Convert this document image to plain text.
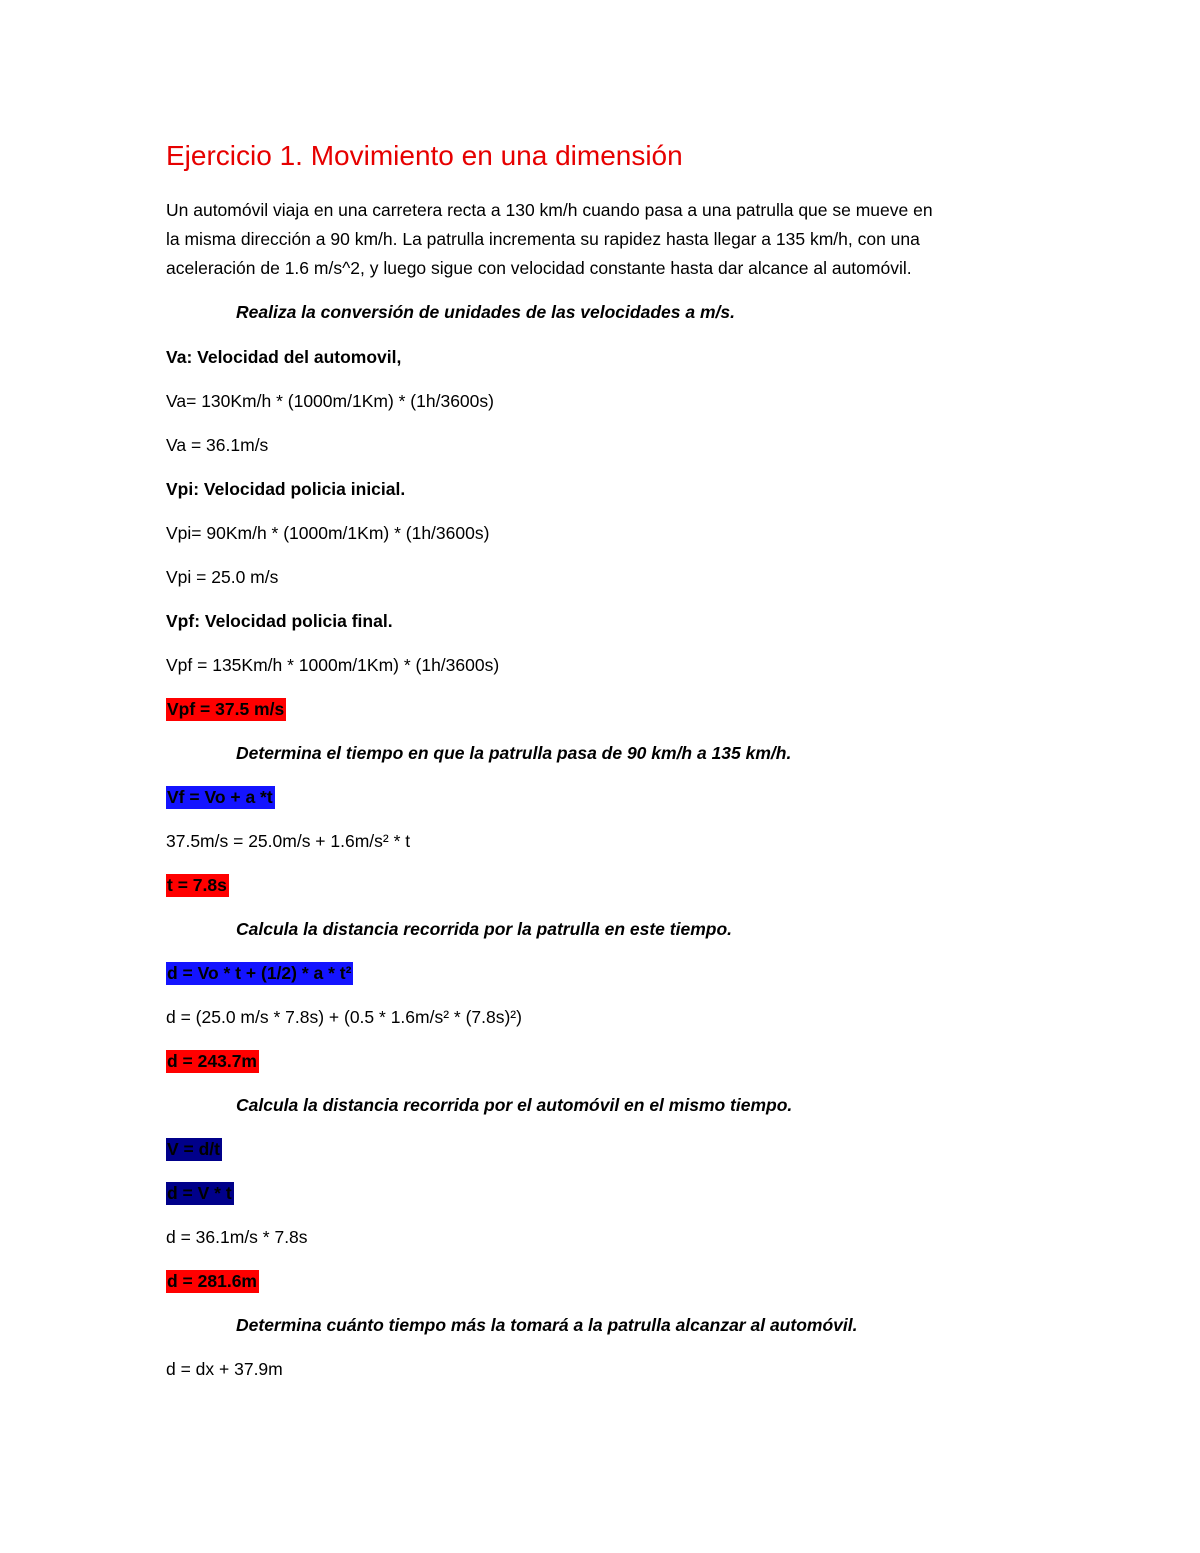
Ejercicio 1. Movimiento en una dimensión
Un automóvil viaja en una carretera recta a 130 km/h cuando pasa a una patrulla que se mueve en
la misma dirección a 90 km/h. La patrulla incrementa su rapidez hasta llegar a 135 km/h, con una
aceleración de 1.6 m/s^2, y luego sigue con velocidad constante hasta dar alcance al automóvil.
Realiza la conversión de unidades de las velocidades a m/s.
Va: Velocidad del automovil,
Va= 130Km/h * (1000m/1Km) * (1h/3600s)
Va = 36.1m/s
Vpi: Velocidad policia inicial.
Vpi= 90Km/h * (1000m/1Km) * (1h/3600s)
Vpi = 25.0 m/s
Vpf: Velocidad policia final.
Vpf = 135Km/h * 1000m/1Km) * (1h/3600s)
Vpf = 37.5 m/s
Determina el tiempo en que la patrulla pasa de 90 km/h a 135 km/h.
Vf = Vo + a *t
37.5m/s = 25.0m/s + 1.6m/s² * t
t = 7.8s
Calcula la distancia recorrida por la patrulla en este tiempo.
d = Vo * t + (1/2) * a * t²
d = (25.0 m/s * 7.8s) + (0.5 * 1.6m/s² * (7.8s)²)
d = 243.7m
Calcula la distancia recorrida por el automóvil en el mismo tiempo.
V = d/t
d = V * t
d = 36.1m/s * 7.8s
d = 281.6m
Determina cuánto tiempo más la tomará a la patrulla alcanzar al automóvil.
d = dx + 37.9m
